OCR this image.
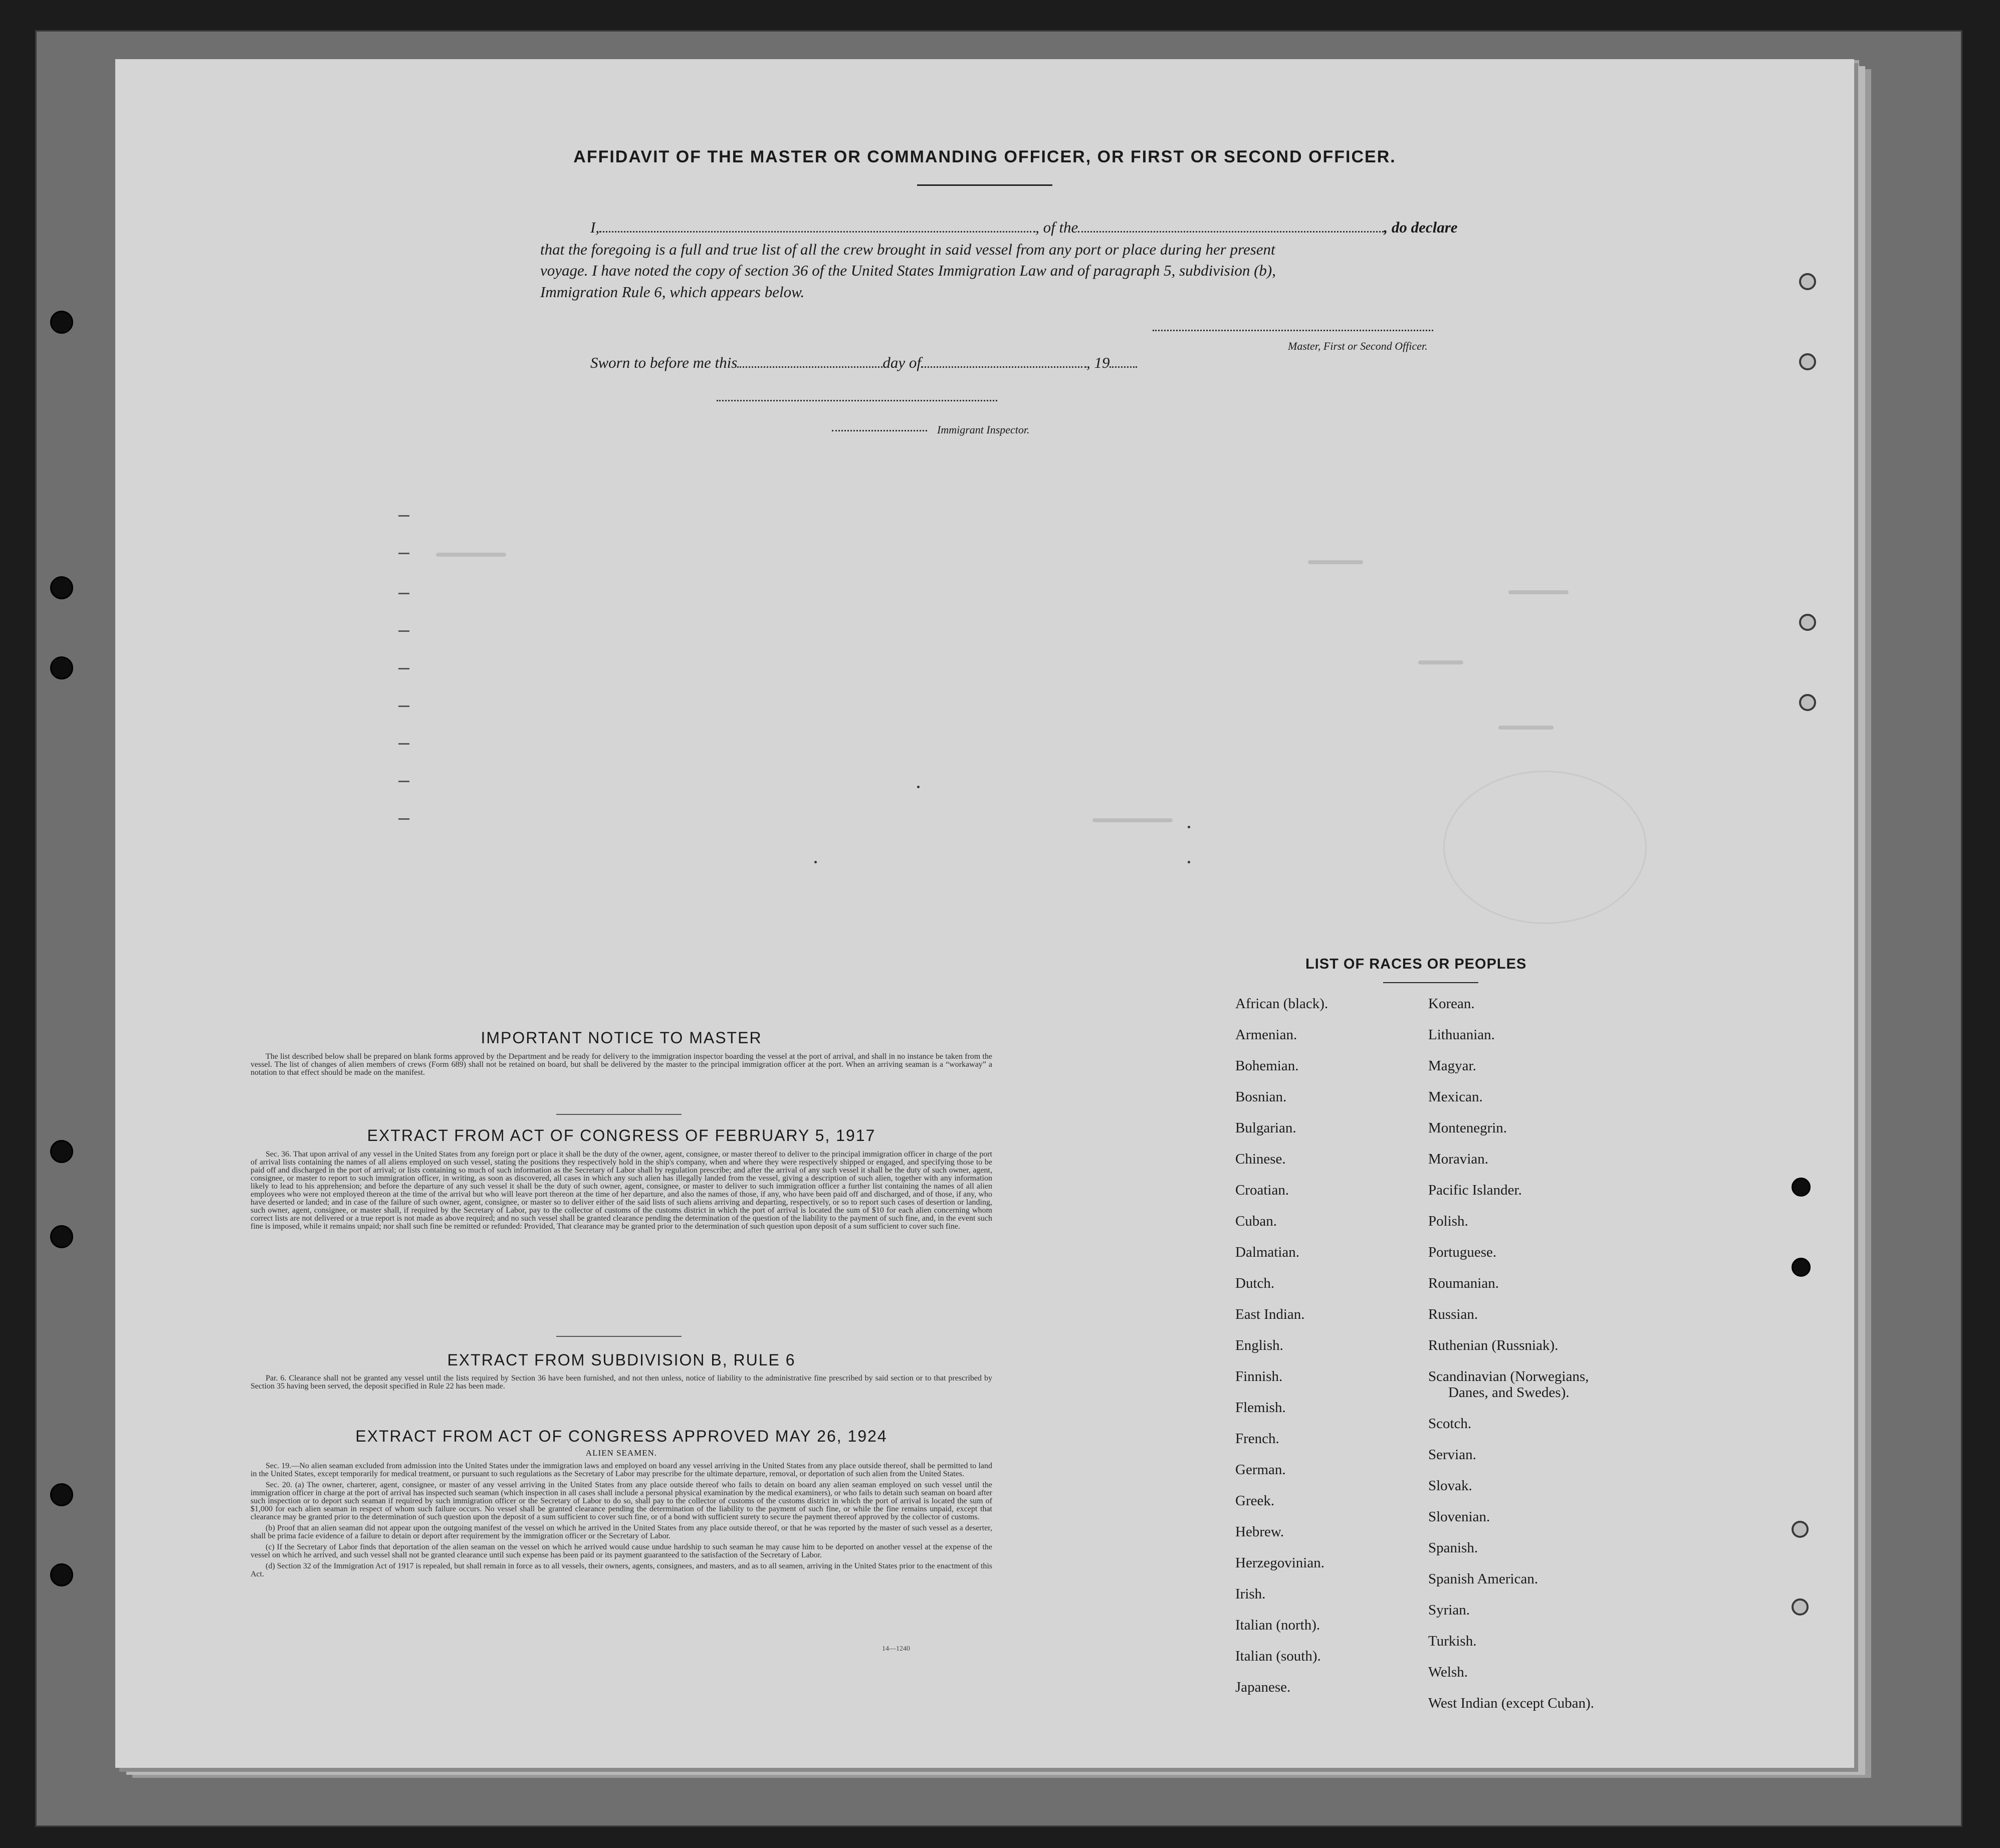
AFFIDAVIT OF THE MASTER OR COMMANDING OFFICER, OR FIRST OR SECOND OFFICER.
I,	, of the	, do declare
that the foregoing is a full and true list of all the crew brought in said vessel from any port or place during her present
voyage. I have noted the copy of section 36 of the United States Immigration Law and of paragraph 5, subdivision (b),
Immigration Rule 6, which appears below.
Master, First or Second Officer.
Sworn to before me this	day of	, 19
Immigrant Inspector.
IMPORTANT NOTICE TO MASTER
The list described below shall be prepared on blank forms approved by the Department and be ready for delivery to the immigration inspector boarding the vessel at the port of arrival, and shall in no instance be taken from the vessel. The list of changes of alien members of crews (Form 689) shall not be retained on board, but shall be delivered by the master to the principal immigration officer at the port. When an arriving seaman is a “workaway” a notation to that effect should be made on the manifest.
EXTRACT FROM ACT OF CONGRESS OF FEBRUARY 5, 1917
Sec. 36. That upon arrival of any vessel in the United States from any foreign port or place it shall be the duty of the owner, agent, consignee, or master thereof to deliver to the principal immigration officer in charge of the port of arrival lists containing the names of all aliens employed on such vessel, stating the positions they respectively hold in the ship's company, when and where they were respectively shipped or engaged, and specifying those to be paid off and discharged in the port of arrival; or lists containing so much of such information as the Secretary of Labor shall by regulation prescribe; and after the arrival of any such vessel it shall be the duty of such owner, agent, consignee, or master to report to such immigration officer, in writing, as soon as discovered, all cases in which any such alien has illegally landed from the vessel, giving a description of such alien, together with any information likely to lead to his apprehension; and before the departure of any such vessel it shall be the duty of such owner, agent, consignee, or master to deliver to such immigration officer a further list containing the names of all alien employees who were not employed thereon at the time of the arrival but who will leave port thereon at the time of her departure, and also the names of those, if any, who have been paid off and discharged, and of those, if any, who have deserted or landed; and in case of the failure of such owner, agent, consignee, or master so to deliver either of the said lists of such aliens arriving and departing, respectively, or so to report such cases of desertion or landing, such owner, agent, consignee, or master shall, if required by the Secretary of Labor, pay to the collector of customs of the customs district in which the port of arrival is located the sum of $10 for each alien concerning whom correct lists are not delivered or a true report is not made as above required; and no such vessel shall be granted clearance pending the determination of the question of the liability to the payment of such fine, and, in the event such fine is imposed, while it remains unpaid; nor shall such fine be remitted or refunded: Provided, That clearance may be granted prior to the determination of such question upon deposit of a sum sufficient to cover such fine.
EXTRACT FROM SUBDIVISION B, RULE 6
Par. 6. Clearance shall not be granted any vessel until the lists required by Section 36 have been furnished, and not then unless, notice of liability to the administrative fine prescribed by said section or to that prescribed by Section 35 having been served, the deposit specified in Rule 22 has been made.
EXTRACT FROM ACT OF CONGRESS APPROVED MAY 26, 1924
ALIEN SEAMEN.
Sec. 19.—No alien seaman excluded from admission into the United States under the immigration laws and employed on board any vessel arriving in the United States from any place outside thereof, shall be permitted to land in the United States, except temporarily for medical treatment, or pursuant to such regulations as the Secretary of Labor may prescribe for the ultimate departure, removal, or deportation of such alien from the United States.
Sec. 20. (a) The owner, charterer, agent, consignee, or master of any vessel arriving in the United States from any place outside thereof who fails to detain on board any alien seaman employed on such vessel until the immigration officer in charge at the port of arrival has inspected such seaman (which inspection in all cases shall include a personal physical examination by the medical examiners), or who fails to detain such seaman on board after such inspection or to deport such seaman if required by such immigration officer or the Secretary of Labor to do so, shall pay to the collector of customs of the customs district in which the port of arrival is located the sum of $1,000 for each alien seaman in respect of whom such failure occurs. No vessel shall be granted clearance pending the determination of the liability to the payment of such fine, or while the fine remains unpaid, except that clearance may be granted prior to the determination of such question upon the deposit of a sum sufficient to cover such fine, or of a bond with sufficient surety to secure the payment thereof approved by the collector of customs.
(b) Proof that an alien seaman did not appear upon the outgoing manifest of the vessel on which he arrived in the United States from any place outside thereof, or that he was reported by the master of such vessel as a deserter, shall be prima facie evidence of a failure to detain or deport after requirement by the immigration officer or the Secretary of Labor.
(c) If the Secretary of Labor finds that deportation of the alien seaman on the vessel on which he arrived would cause undue hardship to such seaman he may cause him to be deported on another vessel at the expense of the vessel on which he arrived, and such vessel shall not be granted clearance until such expense has been paid or its payment guaranteed to the satisfaction of the Secretary of Labor.
(d) Section 32 of the Immigration Act of 1917 is repealed, but shall remain in force as to all vessels, their owners, agents, consignees, and masters, and as to all seamen, arriving in the United States prior to the enactment of this Act.
14—1240
LIST OF RACES OR PEOPLES
African (black).
Armenian.
Bohemian.
Bosnian.
Bulgarian.
Chinese.
Croatian.
Cuban.
Dalmatian.
Dutch.
East Indian.
English.
Finnish.
Flemish.
French.
German.
Greek.
Hebrew.
Herzegovinian.
Irish.
Italian (north).
Italian (south).
Japanese.
Korean.
Lithuanian.
Magyar.
Mexican.
Montenegrin.
Moravian.
Pacific Islander.
Polish.
Portuguese.
Roumanian.
Russian.
Ruthenian (Russniak).
Scandinavian (Norwegians,
Danes, and Swedes).
Scotch.
Servian.
Slovak.
Slovenian.
Spanish.
Spanish American.
Syrian.
Turkish.
Welsh.
West Indian (except Cuban).
